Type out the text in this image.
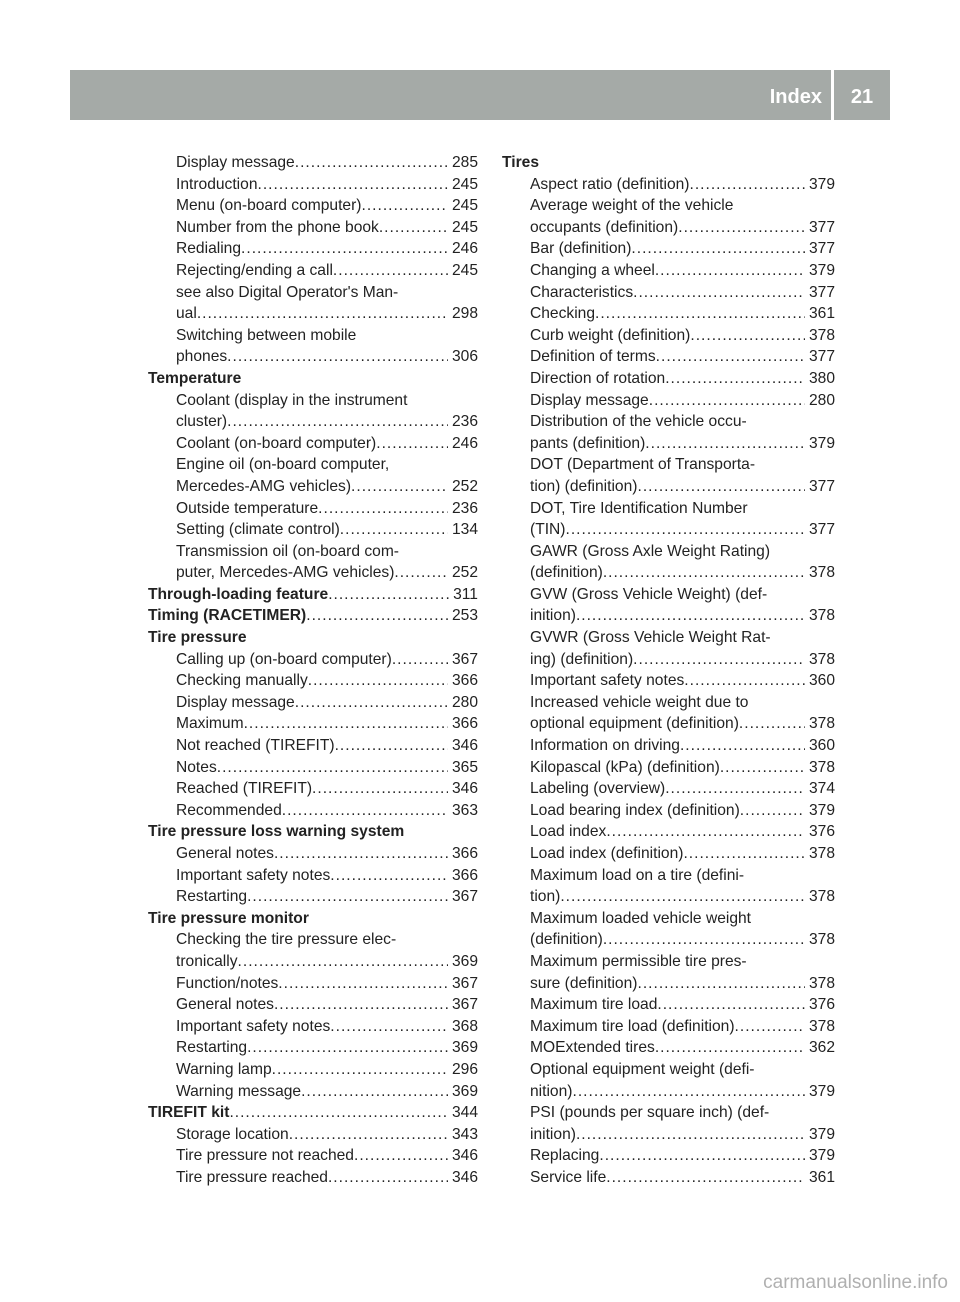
Index	21
Display message .....	285
Introduction .....	245
Menu (on-board computer) .....	245
Number from the phone book .....	245
Redialing .....	246
Rejecting/ending a call .....	245
see also Digital Operator's Man-
ual .....	298
Switching between mobile
phones .....	306
Temperature
Coolant (display in the instrument
cluster) .....	236
Coolant (on-board computer) .....	246
Engine oil (on-board computer,
Mercedes-AMG vehicles) .....	252
Outside temperature .....	236
Setting (climate control) .....	134
Transmission oil (on-board com-
puter, Mercedes-AMG vehicles) .....	252
Through-loading feature .....	311
Timing (RACETIMER) .....	253
Tire pressure
Calling up (on-board computer) .....	367
Checking manually .....	366
Display message .....	280
Maximum .....	366
Not reached (TIREFIT) .....	346
Notes .....	365
Reached (TIREFIT) .....	346
Recommended .....	363
Tire pressure loss warning system
General notes .....	366
Important safety notes .....	366
Restarting .....	367
Tire pressure monitor
Checking the tire pressure elec-
tronically .....	369
Function/notes .....	367
General notes .....	367
Important safety notes .....	368
Restarting .....	369
Warning lamp .....	296
Warning message .....	369
TIREFIT kit .....	344
Storage location .....	343
Tire pressure not reached .....	346
Tire pressure reached .....	346
Tires
Aspect ratio (definition) .....	379
Average weight of the vehicle
occupants (definition) .....	377
Bar (definition) .....	377
Changing a wheel .....	379
Characteristics .....	377
Checking .....	361
Curb weight (definition) .....	378
Definition of terms .....	377
Direction of rotation .....	380
Display message .....	280
Distribution of the vehicle occu-
pants (definition) .....	379
DOT (Department of Transporta-
tion) (definition) .....	377
DOT, Tire Identification Number
(TIN) .....	377
GAWR (Gross Axle Weight Rating)
(definition) .....	378
GVW (Gross Vehicle Weight) (def-
inition) .....	378
GVWR (Gross Vehicle Weight Rat-
ing) (definition) .....	378
Important safety notes .....	360
Increased vehicle weight due to
optional equipment (definition) .....	378
Information on driving .....	360
Kilopascal (kPa) (definition) .....	378
Labeling (overview) .....	374
Load bearing index (definition) .....	379
Load index .....	376
Load index (definition) .....	378
Maximum load on a tire (defini-
tion) .....	378
Maximum loaded vehicle weight
(definition) .....	378
Maximum permissible tire pres-
sure (definition) .....	378
Maximum tire load .....	376
Maximum tire load (definition) .....	378
MOExtended tires .....	362
Optional equipment weight (defi-
nition) .....	379
PSI (pounds per square inch) (def-
inition) .....	379
Replacing .....	379
Service life .....	361
carmanualsonline.info
